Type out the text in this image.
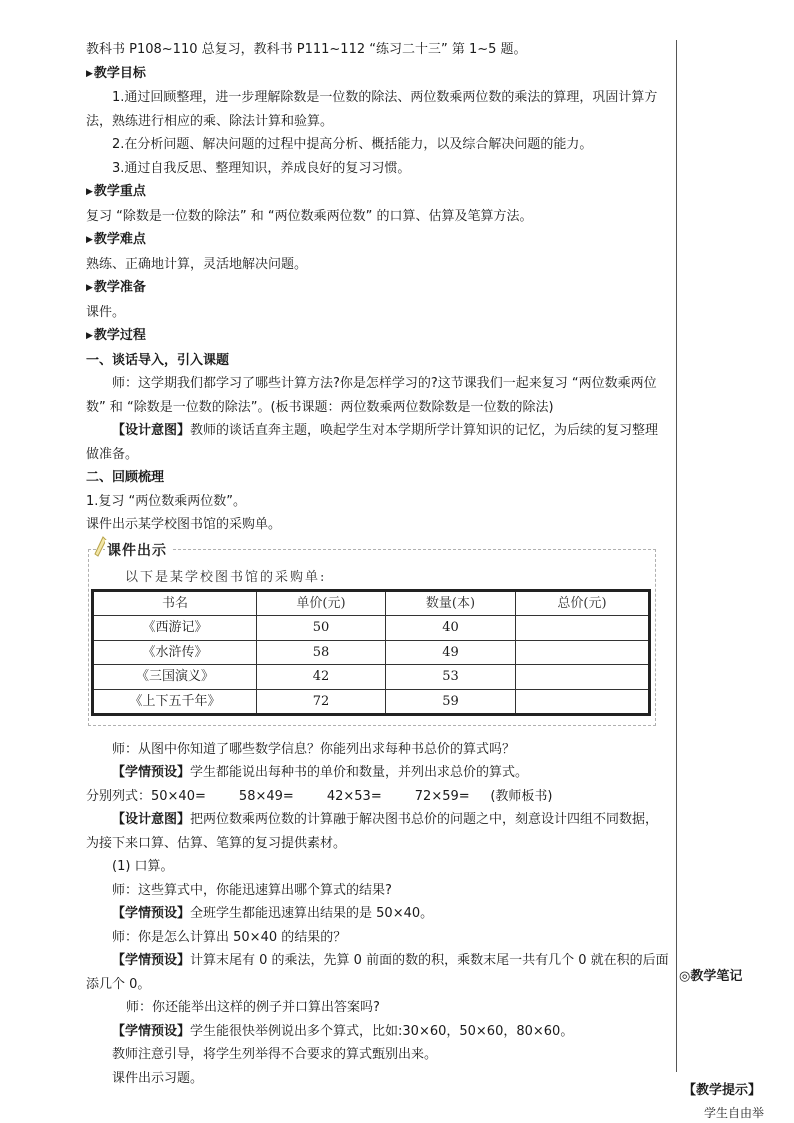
教科书 P108~110 总复习，教科书 P111~112 “练习二十三” 第 1~5 题。

▶教学目标

1.通过回顾整理，进一步理解除数是一位数的除法、两位数乘两位数的乘法的算理，巩固计算方法，熟练进行相应的乘、除法计算和验算。

2.在分析问题、解决问题的过程中提高分析、概括能力，以及综合解决问题的能力。

3.通过自我反思、整理知识，养成良好的复习习惯。

▶教学重点

复习 “除数是一位数的除法” 和 “两位数乘两位数” 的口算、估算及笔算方法。

▶教学难点

熟练、正确地计算，灵活地解决问题。

▶教学准备

课件。

▶教学过程

一、谈话导入，引入课题

师：这学期我们都学习了哪些计算方法?你是怎样学习的?这节课我们一起来复习 “两位数乘两位数” 和 “除数是一位数的除法”。(板书课题：两位数乘两位数除数是一位数的除法)

【设计意图】教师的谈话直奔主题，唤起学生对本学期所学计算知识的记忆，为后续的复习整理做准备。

二、回顾梳理

1.复习 “两位数乘两位数”。

课件出示某学校图书馆的采购单。

课件出示
以下是某学校图书馆的采购单:
书名	单价(元)	数量(本)	总价(元)
《西游记》	50	40	
《水浒传》	58	49	
《三国演义》	42	53	
《上下五千年》	72	59	

师：从图中你知道了哪些数学信息？你能列出求每种书总价的算式吗？

【学情预设】学生都能说出每种书的单价和数量，并列出求总价的算式。

分别列式：50×40=        58×49=        42×53=        72×59=     (教师板书)

【设计意图】把两位数乘两位数的计算融于解决图书总价的问题之中，刻意设计四组不同数据，为接下来口算、估算、笔算的复习提供素材。

(1) 口算。

师：这些算式中，你能迅速算出哪个算式的结果?

【学情预设】全班学生都能迅速算出结果的是 50×40。

师：你是怎么计算出 50×40 的结果的？

【学情预设】计算末尾有 0 的乘法，先算 0 前面的数的积，乘数末尾一共有几个 0 就在积的后面添几个 0。

师：你还能举出这样的例子并口算出答案吗?

【学情预设】学生能很快举例说出多个算式，比如:30×60，50×60，80×60。

教师注意引导，将学生列举得不合要求的算式甄别出来。

课件出示习题。

◎教学笔记
【教学提示】
学生自由举
